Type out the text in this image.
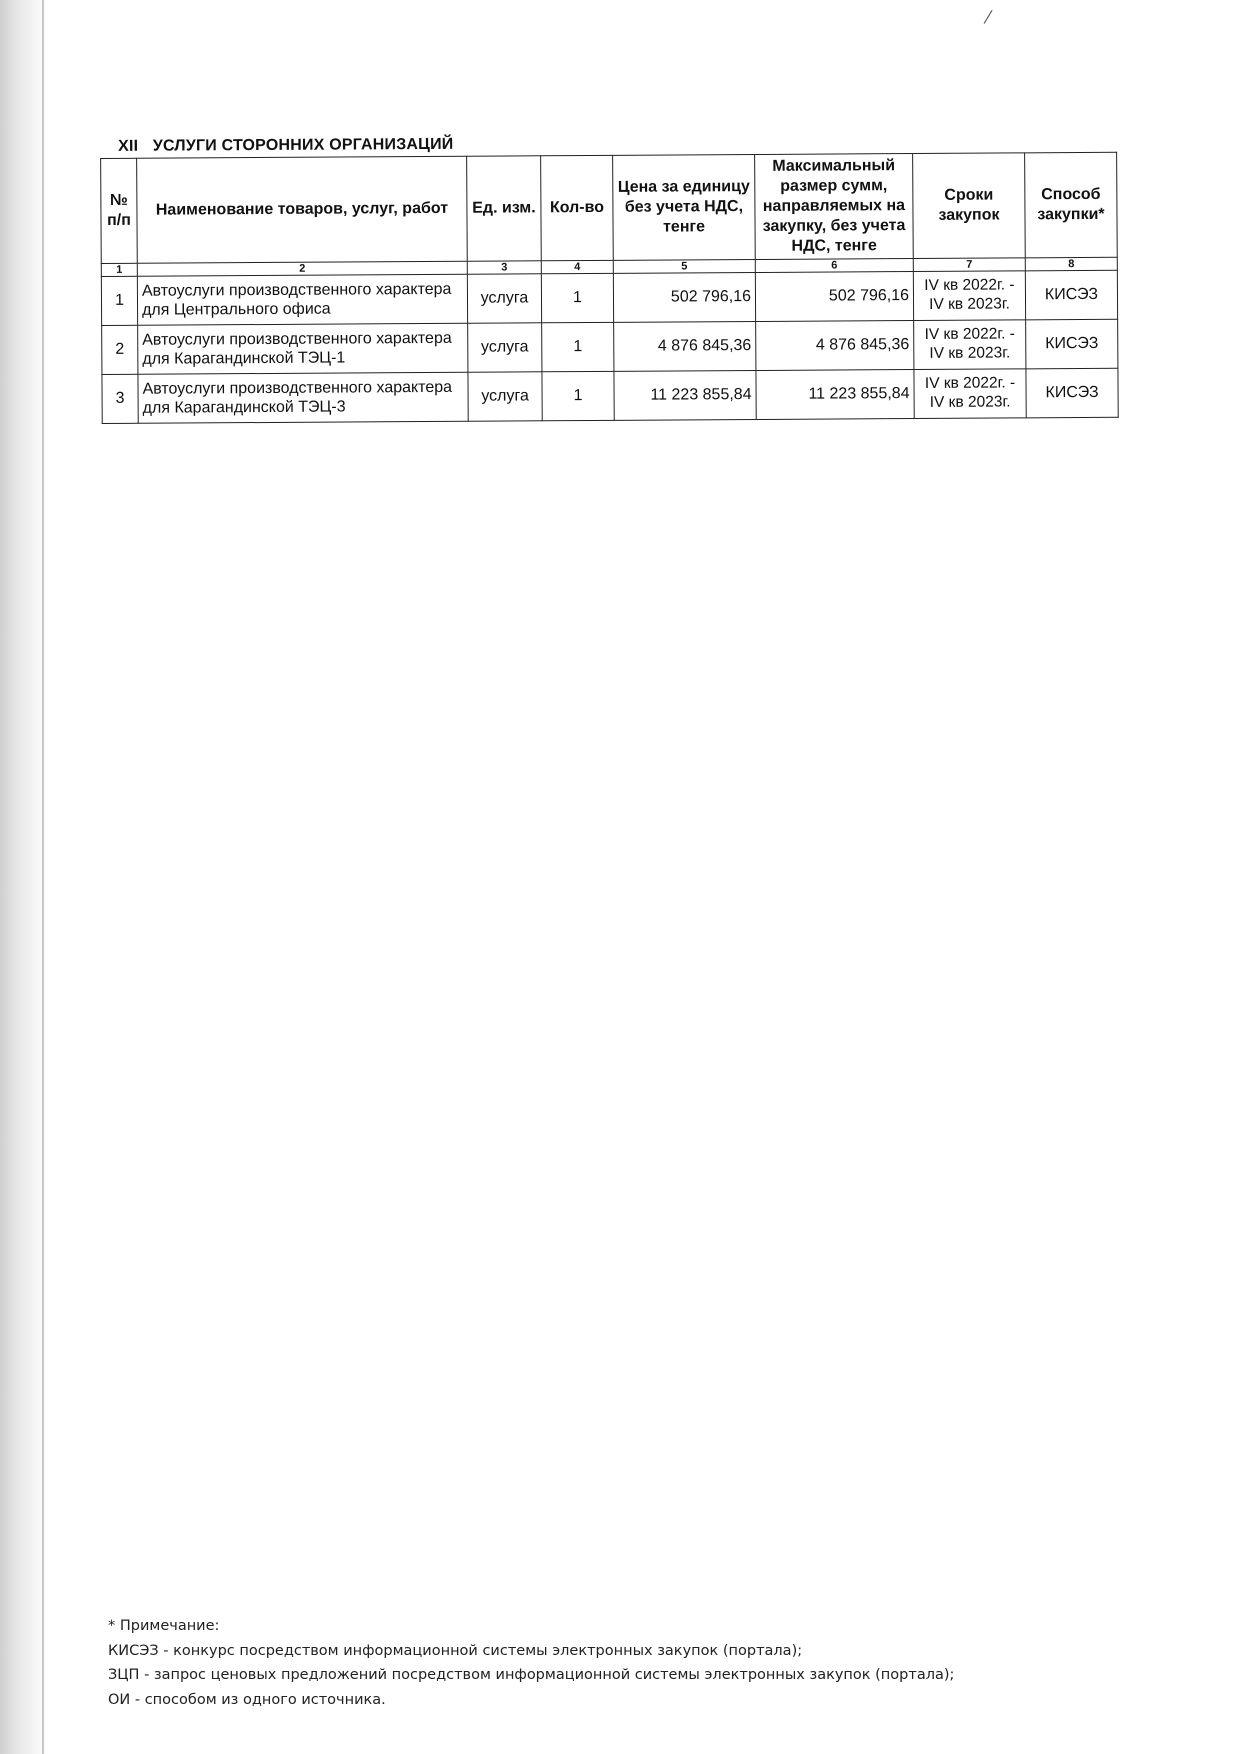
/
XII УСЛУГИ СТОРОННИХ ОРГАНИЗАЦИЙ
№ п/п	Наименование товаров, услуг, работ	Ед. изм.	Кол-во	Цена за единицу без учета НДС, тенге	Максимальный размер сумм, направляемых на закупку, без учета НДС, тенге	Сроки закупок	Способ закупки*
1	2	3	4	5	6	7	8
1	Автоуслуги производственного характера для Центрального офиса	услуга	1	502 796,16	502 796,16	IV кв 2022г. - IV кв 2023г.	КИСЭЗ
2	Автоуслуги производственного характера для Карагандинской ТЭЦ-1	услуга	1	4 876 845,36	4 876 845,36	IV кв 2022г. - IV кв 2023г.	КИСЭЗ
3	Автоуслуги производственного характера для Карагандинской ТЭЦ-3	услуга	1	11 223 855,84	11 223 855,84	IV кв 2022г. - IV кв 2023г.	КИСЭЗ
* Примечание:
КИСЭЗ - конкурс посредством информационной системы электронных закупок (портала);
ЗЦП - запрос ценовых предложений посредством информационной системы электронных закупок (портала);
ОИ - способом из одного источника.
